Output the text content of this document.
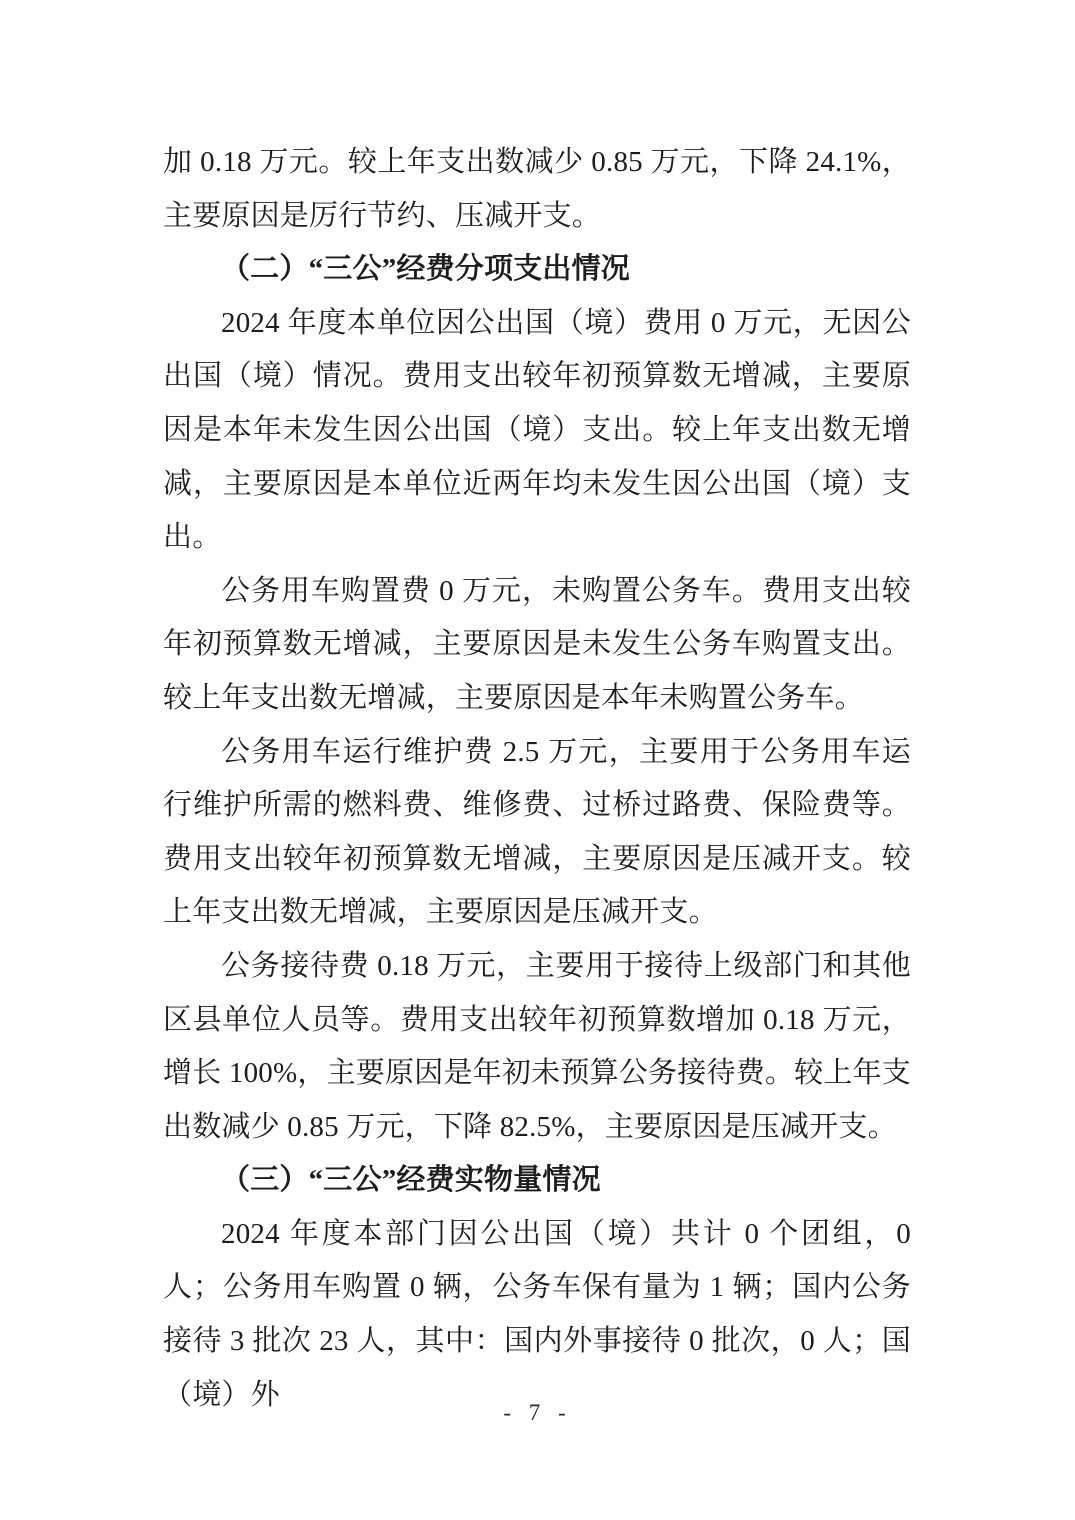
加 0.18 万元。较上年支出数减少 0.85 万元，下降 24.1%，主要原因是厉行节约、压减开支。

（二）“三公”经费分项支出情况

2024 年度本单位因公出国（境）费用 0 万元，无因公出国（境）情况。费用支出较年初预算数无增减，主要原因是本年未发生因公出国（境）支出。较上年支出数无增减，主要原因是本单位近两年均未发生因公出国（境）支出。

公务用车购置费 0 万元，未购置公务车。费用支出较年初预算数无增减，主要原因是未发生公务车购置支出。较上年支出数无增减，主要原因是本年未购置公务车。

公务用车运行维护费 2.5 万元，主要用于公务用车运行维护所需的燃料费、维修费、过桥过路费、保险费等。费用支出较年初预算数无增减，主要原因是压减开支。较上年支出数无增减，主要原因是压减开支。

公务接待费 0.18 万元，主要用于接待上级部门和其他区县单位人员等。费用支出较年初预算数增加 0.18 万元，增长 100%，主要原因是年初未预算公务接待费。较上年支出数减少 0.85 万元，下降 82.5%，主要原因是压减开支。

（三）“三公”经费实物量情况

2024 年度本部门因公出国（境）共计 0 个团组，0 人；公务用车购置 0 辆，公务车保有量为 1 辆；国内公务接待 3 批次 23 人，其中：国内外事接待 0 批次，0 人；国（境）外

- 7 -
